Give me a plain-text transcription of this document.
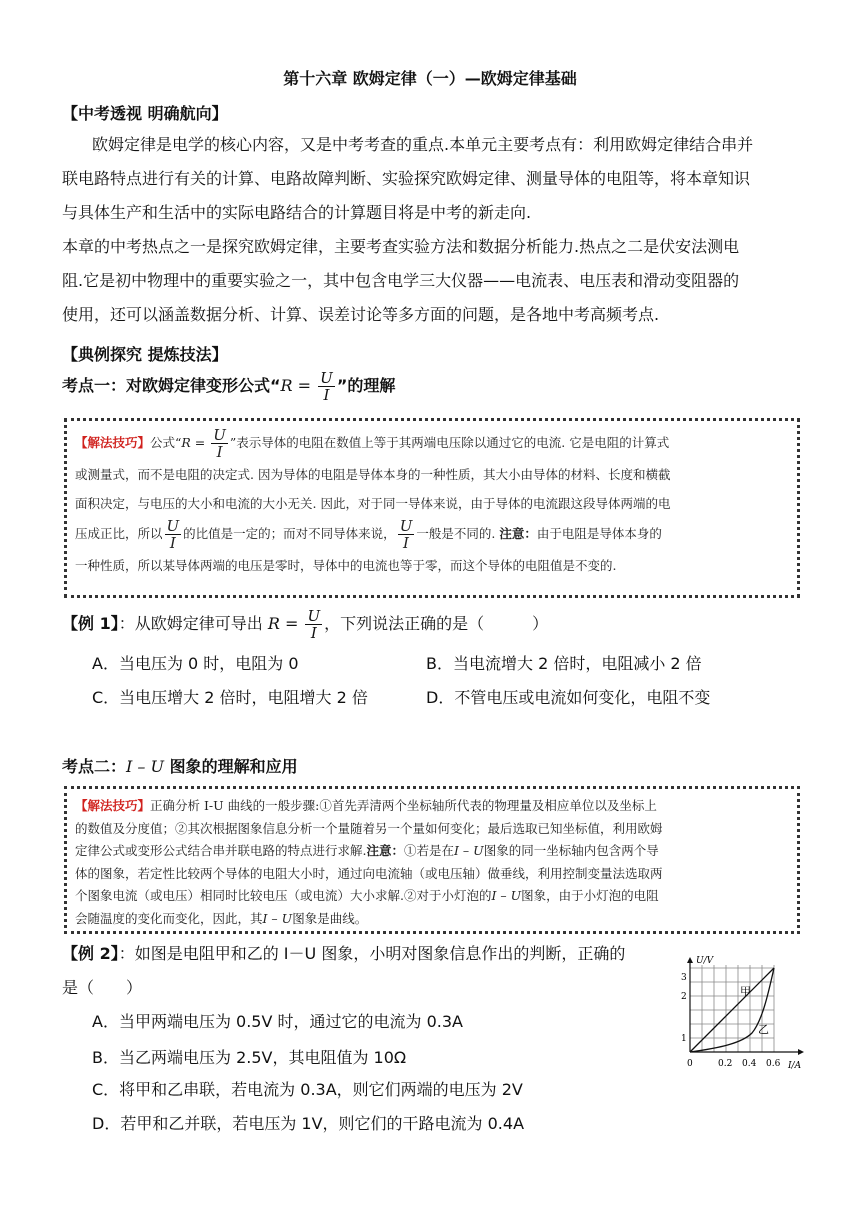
第十六章 欧姆定律（一）—欧姆定律基础
【中考透视 明确航向】
欧姆定律是电学的核心内容，又是中考考查的重点.本单元主要考点有：利用欧姆定律结合串并
联电路特点进行有关的计算、电路故障判断、实验探究欧姆定律、测量导体的电阻等，将本章知识
与具体生产和生活中的实际电路结合的计算题目将是中考的新走向.
本章的中考热点之一是探究欧姆定律，主要考查实验方法和数据分析能力.热点之二是伏安法测电
阻.它是初中物理中的重要实验之一，其中包含电学三大仪器——电流表、电压表和滑动变阻器的
使用，还可以涵盖数据分析、计算、误差讨论等多方面的问题，是各地中考高频考点.
【典例探究 提炼技法】
考点一：对欧姆定律变形公式“$R = \frac{U}{I}$ ”的理解
【解法技巧】公式“$R = \frac{U}{I}$ ”表示导体的电阻在数值上等于其两端电压除以通过它的电流. 它是电阻的计算式
或测量式，而不是电阻的决定式. 因为导体的电阻是导体本身的一种性质，其大小由导体的材料、长度和横截
面积决定，与电压的大小和电流的大小无关. 因此，对于同一导体来说，由于导体的电流跟这段导体两端的电
压成正比，所以 $\frac{U}{I}$ 的比值是一定的；而对不同导体来说， $\frac{U}{I}$ 一般是不同的. 注意：由于电阻是导体本身的
一种性质，所以某导体两端的电压是零时，导体中的电流也等于零，而这个导体的电阻值是不变的.
【例 1】：从欧姆定律可导出 $R = \frac{U}{I}$ ，下列说法正确的是（　　　）
A．当电压为 0 时，电阻为 0	B．当电流增大 2 倍时，电阻减小 2 倍
C．当电压增大 2 倍时，电阻增大 2 倍	D．不管电压或电流如何变化，电阻不变
考点二：I – U 图象的理解和应用
【解法技巧】正确分析 I-U 曲线的一般步骤:①首先弄清两个坐标轴所代表的物理量及相应单位以及坐标上
的数值及分度值；②其次根据图象信息分析一个量随着另一个量如何变化；最后选取已知坐标值，利用欧姆
定律公式或变形公式结合串并联电路的特点进行求解.注意：①若是在I – U图象的同一坐标轴内包含两个导
体的图象，若定性比较两个导体的电阻大小时，通过向电流轴（或电压轴）做垂线，利用控制变量法选取两
个图象电流（或电压）相同时比较电压（或电流）大小求解.②对于小灯泡的I – U图象，由于小灯泡的电阻
会随温度的变化而变化，因此，其I – U图象是曲线。
【例 2】：如图是电阻甲和乙的 I－U 图象，小明对图象信息作出的判断，正确的
是（　　）
A．当甲两端电压为 0.5V 时，通过它的电流为 0.3A
B．当乙两端电压为 2.5V，其电阻值为 10Ω
C．将甲和乙串联，若电流为 0.3A，则它们两端的电压为 2V
D．若甲和乙并联，若电压为 1V，则它们的干路电流为 0.4A
甲
乙
U/V
I/A
1
2
3
0	0.2 0.4 0.6
